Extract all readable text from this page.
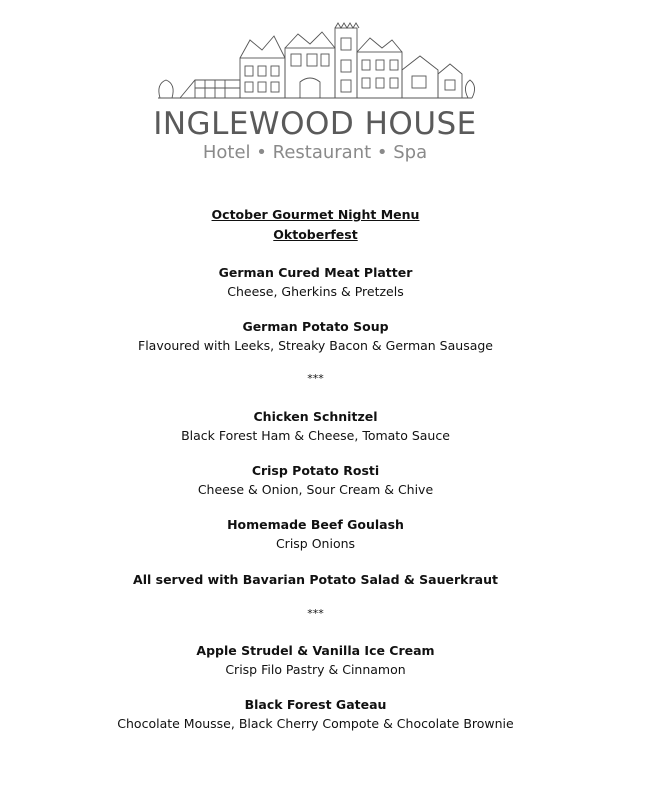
INGLEWOOD HOUSE
Hotel • Restaurant • Spa
October Gourmet Night Menu
Oktoberfest
German Cured Meat Platter
Cheese, Gherkins & Pretzels
German Potato Soup
Flavoured with Leeks, Streaky Bacon & German Sausage
***
Chicken Schnitzel
Black Forest Ham & Cheese, Tomato Sauce
Crisp Potato Rosti
Cheese & Onion, Sour Cream & Chive
Homemade Beef Goulash
Crisp Onions
All served with Bavarian Potato Salad & Sauerkraut
***
Apple Strudel & Vanilla Ice Cream
Crisp Filo Pastry & Cinnamon
Black Forest Gateau
Chocolate Mousse, Black Cherry Compote & Chocolate Brownie
